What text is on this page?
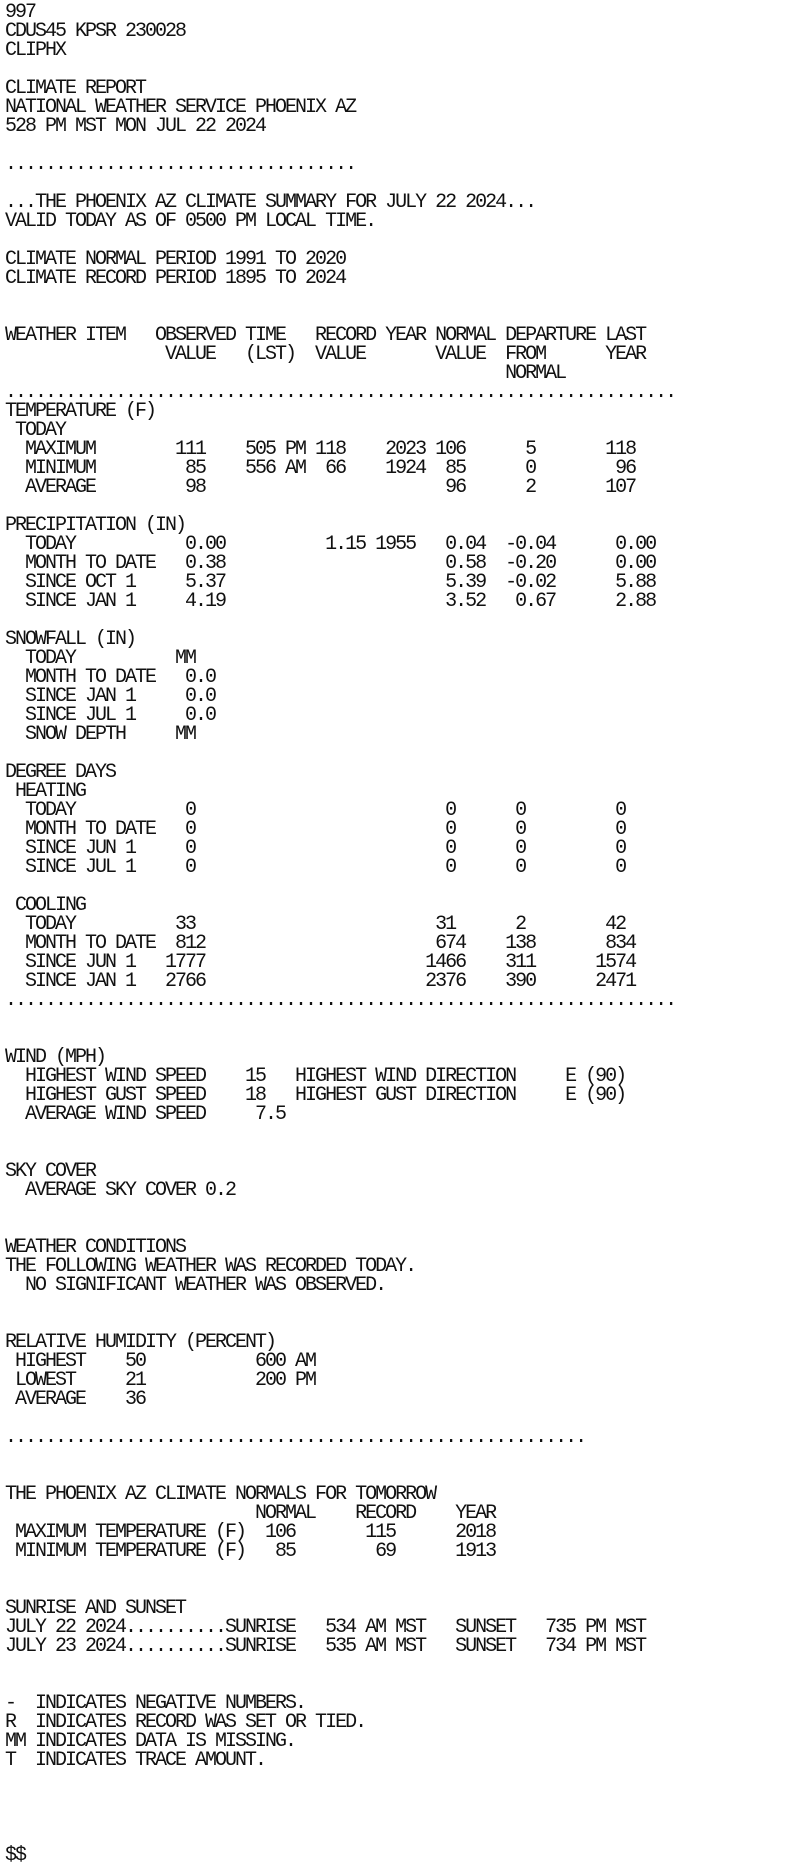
997
CDUS45 KPSR 230028
CLIPHX
CLIMATE REPORT
NATIONAL WEATHER SERVICE PHOENIX AZ
528 PM MST MON JUL 22 2024
...................................
...THE PHOENIX AZ CLIMATE SUMMARY FOR JULY 22 2024...
VALID TODAY AS OF 0500 PM LOCAL TIME.
CLIMATE NORMAL PERIOD 1991 TO 2020
CLIMATE RECORD PERIOD 1895 TO 2024
WEATHER ITEM   OBSERVED TIME   RECORD YEAR NORMAL DEPARTURE LAST
VALUE   (LST)  VALUE       VALUE  FROM      YEAR
NORMAL
...................................................................
TEMPERATURE (F)
TODAY
MAXIMUM        111    505 PM 118    2023 106      5       118
MINIMUM         85    556 AM  66    1924  85      0        96
AVERAGE         98                        96      2       107
PRECIPITATION (IN)
TODAY           0.00          1.15 1955   0.04  -0.04      0.00
MONTH TO DATE   0.38                      0.58  -0.20      0.00
SINCE OCT 1     5.37                      5.39  -0.02      5.88
SINCE JAN 1     4.19                      3.52   0.67      2.88
SNOWFALL (IN)
TODAY          MM
MONTH TO DATE   0.0
SINCE JAN 1     0.0
SINCE JUL 1     0.0
SNOW DEPTH     MM
DEGREE DAYS
HEATING
TODAY           0                         0      0         0
MONTH TO DATE   0                         0      0         0
SINCE JUN 1     0                         0      0         0
SINCE JUL 1     0                         0      0         0
COOLING
TODAY          33                        31      2        42
MONTH TO DATE  812                       674    138       834
SINCE JUN 1   1777                      1466    311      1574
SINCE JAN 1   2766                      2376    390      2471
...................................................................
WIND (MPH)
HIGHEST WIND SPEED    15   HIGHEST WIND DIRECTION     E (90)
HIGHEST GUST SPEED    18   HIGHEST GUST DIRECTION     E (90)
AVERAGE WIND SPEED     7.5
SKY COVER
AVERAGE SKY COVER 0.2
WEATHER CONDITIONS
THE FOLLOWING WEATHER WAS RECORDED TODAY.
NO SIGNIFICANT WEATHER WAS OBSERVED.
RELATIVE HUMIDITY (PERCENT)
HIGHEST    50           600 AM
LOWEST     21           200 PM
AVERAGE    36
..........................................................
THE PHOENIX AZ CLIMATE NORMALS FOR TOMORROW
NORMAL    RECORD    YEAR
MAXIMUM TEMPERATURE (F)  106       115      2018
MINIMUM TEMPERATURE (F)   85        69      1913
SUNRISE AND SUNSET
JULY 22 2024..........SUNRISE   534 AM MST   SUNSET   735 PM MST
JULY 23 2024..........SUNRISE   535 AM MST   SUNSET   734 PM MST
-  INDICATES NEGATIVE NUMBERS.
R  INDICATES RECORD WAS SET OR TIED.
MM INDICATES DATA IS MISSING.
T  INDICATES TRACE AMOUNT.
$$
